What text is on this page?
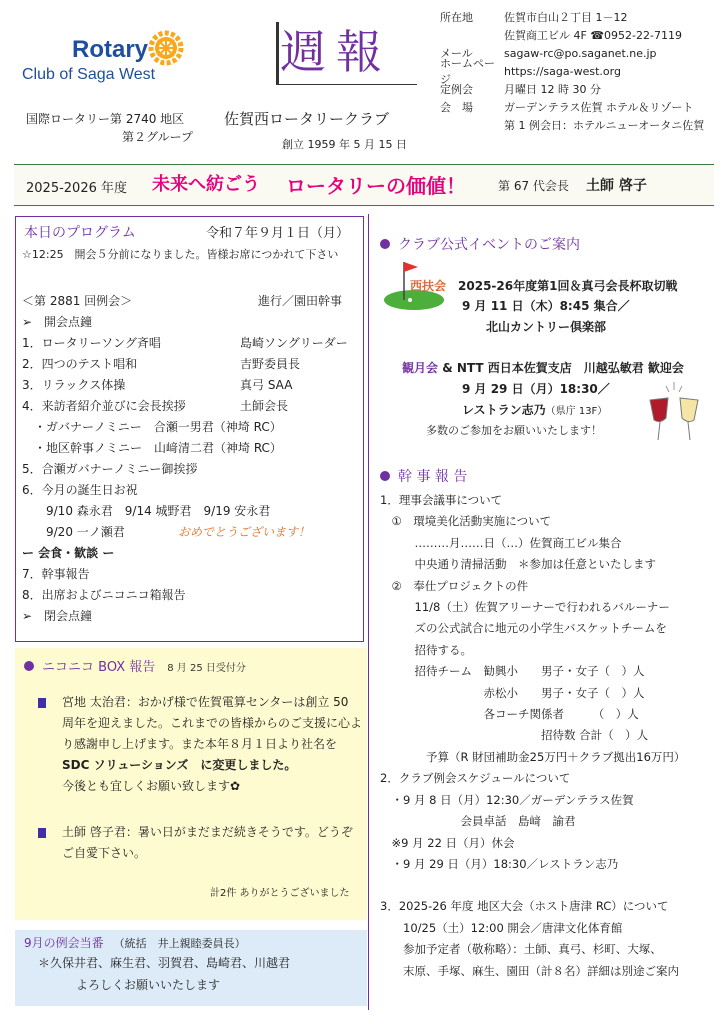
Rotary
Club of Saga West
国際ロータリー第 2740 地区
第２グループ
週報
佐賀西ロータリークラブ
創立 1959 年 5 月 15 日
所在地	佐賀市白山２丁目 1－12
佐賀商工ビル 4F ☎0952-22-7119
メール	sagaw-rc@po.saganet.ne.jp
ホームページ
https://saga-west.org
定例会	月曜日 12 時 30 分
会　場	ガーデンテラス佐賀 ホテル＆リゾート
第 1 例会日：ホテルニューオータニ佐賀
2025-2026 年度 未来へ紡ごう ロータリーの価値！	第 67 代会長 土師 啓子
本日のプログラム	令和７年９月１日（月）
☆12:25　開会５分前になりました。皆様お席につかれて下さい
＜第 2881 回例会＞	進行／園田幹事
➢　開会点鐘
1．ロータリーソング斉唱	島崎ソングリーダー
2．四つのテスト唱和	吉野委員長
3．リラックス体操	真弓 SAA
4．来訪者紹介並びに会長挨拶	土師会長
　・ガバナーノミニー　合瀬一男君（神埼 RC）
　・地区幹事ノミニー　山﨑清二君（神埼 RC）
5．合瀬ガバナーノミニー御挨拶
6．今月の誕生日お祝
　　9/10 森永君　9/14 城野君　9/19 安永君
　　9/20 一ノ瀬君	おめでとうございます！
ー 会食・歓談 ー
7．幹事報告
8．出席およびニコニコ箱報告
➢　閉会点鐘
ニコニコ BOX 報告 8 月 25 日受付分
宮地 太治君：おかげ様で佐賀電算センターは創立 50
周年を迎えました。これまでの皆様からのご支援に心よ
り感謝申し上げます。また本年８月１日より社名を
SDC ソリューションズ　に変更しました。
今後とも宜しくお願い致します✿
土師 啓子君：暑い日がまだまだ続きそうです。どうぞ
ご自愛下さい。
計2件 ありがとうございました
9月の例会当番 （統括　井上親睦委員長）
＊久保井君、麻生君、羽賀君、島崎君、川越君
よろしくお願いいたします
クラブ公式イベントのご案内
西扶会　 2025-26年度第1回＆真弓会長杯取切戦
9 月 11 日（木）8:45 集合／
北山カントリー倶楽部
観月会 & NTT 西日本佐賀支店　川越弘敏君 歓迎会
9 月 29 日（月）18:30／
レストラン志乃（県庁 13F）
多数のご参加をお願いいたします！
幹 事 報 告
1．理事会議事について
　①　環境美化活動実施について
　　　………月……日（…）佐賀商工ビル集合
　　　中央通り清掃活動　＊参加は任意といたします
　②　奉仕プロジェクトの件
　　　11/8（土）佐賀アリーナーで行われるバルーナー
　　　ズの公式試合に地元の小学生バスケットチームを
　　　招待する。
　　　招待チーム　勧興小　　男子・女子（　）人
　　　　　　　　　赤松小　　男子・女子（　）人
　　　　　　　　　各コーチ関係者　　　（　）人
　　　　　　　　　　　　　　招待数 合計（　）人
　　　　予算（R 財団補助金25万円＋クラブ拠出16万円）
2．クラブ例会スケジュールについて
　・9 月 8 日（月）12:30／ガーデンテラス佐賀
　　　　　　　会員卓話　島﨑　諭君
　※9 月 22 日（月）休会
　・9 月 29 日（月）18:30／レストラン志乃
3．2025-26 年度 地区大会（ホスト唐津 RC）について
　　10/25（土）12:00 開会／唐津文化体育館
　　参加予定者（敬称略）：土師、真弓、杉町、大塚、
　　末原、手塚、麻生、園田（計８名）詳細は別途ご案内
